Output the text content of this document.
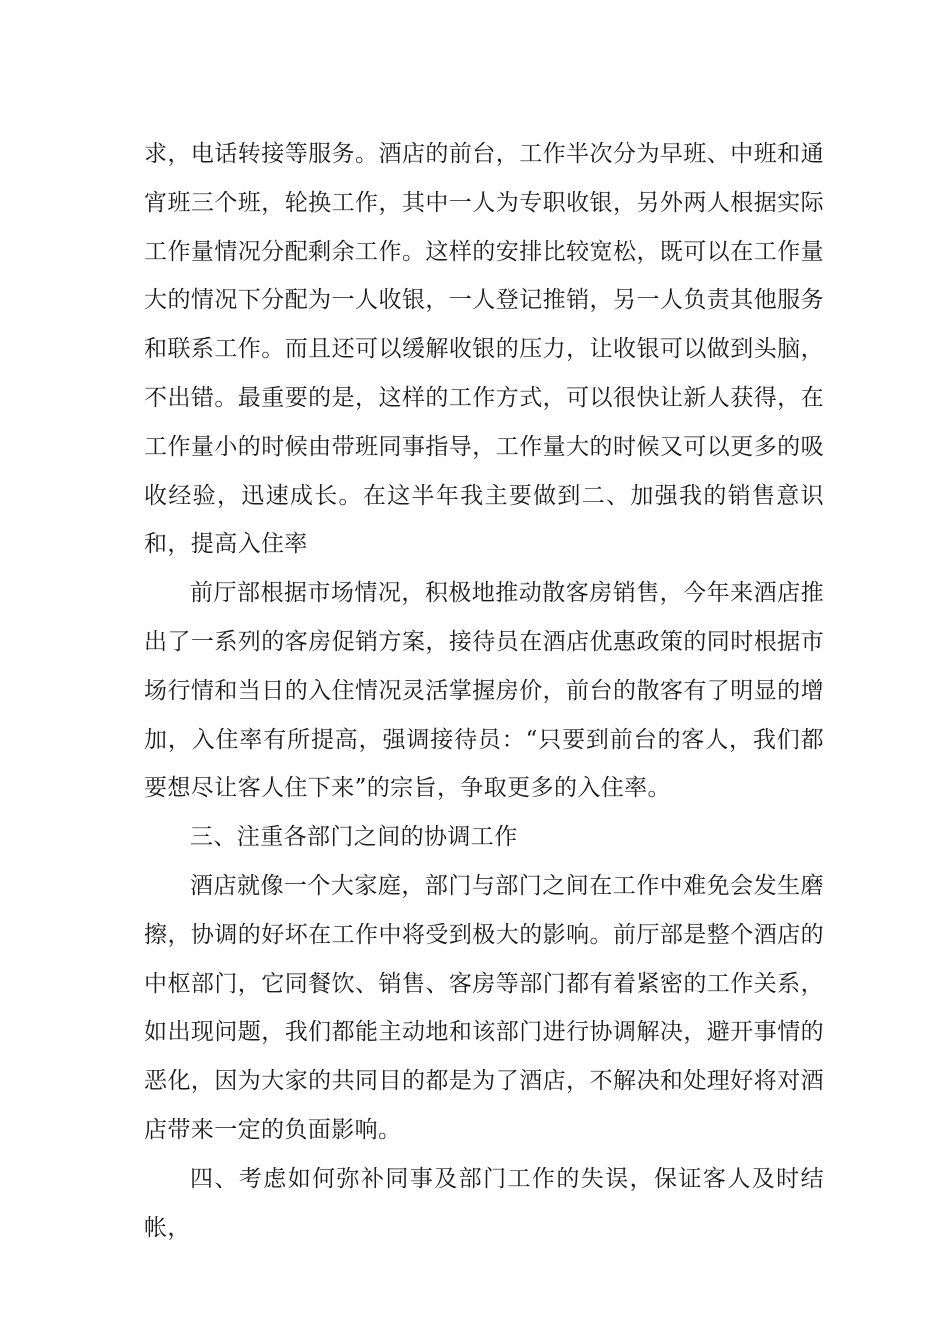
求，电话转接等服务。酒店的前台，工作半次分为早班、中班和通宵班三个班，轮换工作，其中一人为专职收银，另外两人根据实际工作量情况分配剩余工作。这样的安排比较宽松，既可以在工作量大的情况下分配为一人收银，一人登记推销，另一人负责其他服务和联系工作。而且还可以缓解收银的压力，让收银可以做到头脑，不出错。最重要的是，这样的工作方式，可以很快让新人获得，在工作量小的时候由带班同事指导，工作量大的时候又可以更多的吸收经验，迅速成长。在这半年我主要做到二、加强我的销售意识和，提高入住率

前厅部根据市场情况，积极地推动散客房销售，今年来酒店推出了一系列的客房促销方案，接待员在酒店优惠政策的同时根据市场行情和当日的入住情况灵活掌握房价，前台的散客有了明显的增加，入住率有所提高，强调接待员：“只要到前台的客人，我们都要想尽让客人住下来”的宗旨，争取更多的入住率。

三、注重各部门之间的协调工作

酒店就像一个大家庭，部门与部门之间在工作中难免会发生磨擦，协调的好坏在工作中将受到极大的影响。前厅部是整个酒店的中枢部门，它同餐饮、销售、客房等部门都有着紧密的工作关系，如出现问题，我们都能主动地和该部门进行协调解决，避开事情的恶化，因为大家的共同目的都是为了酒店，不解决和处理好将对酒店带来一定的负面影响。

四、考虑如何弥补同事及部门工作的失误，保证客人及时结帐，
